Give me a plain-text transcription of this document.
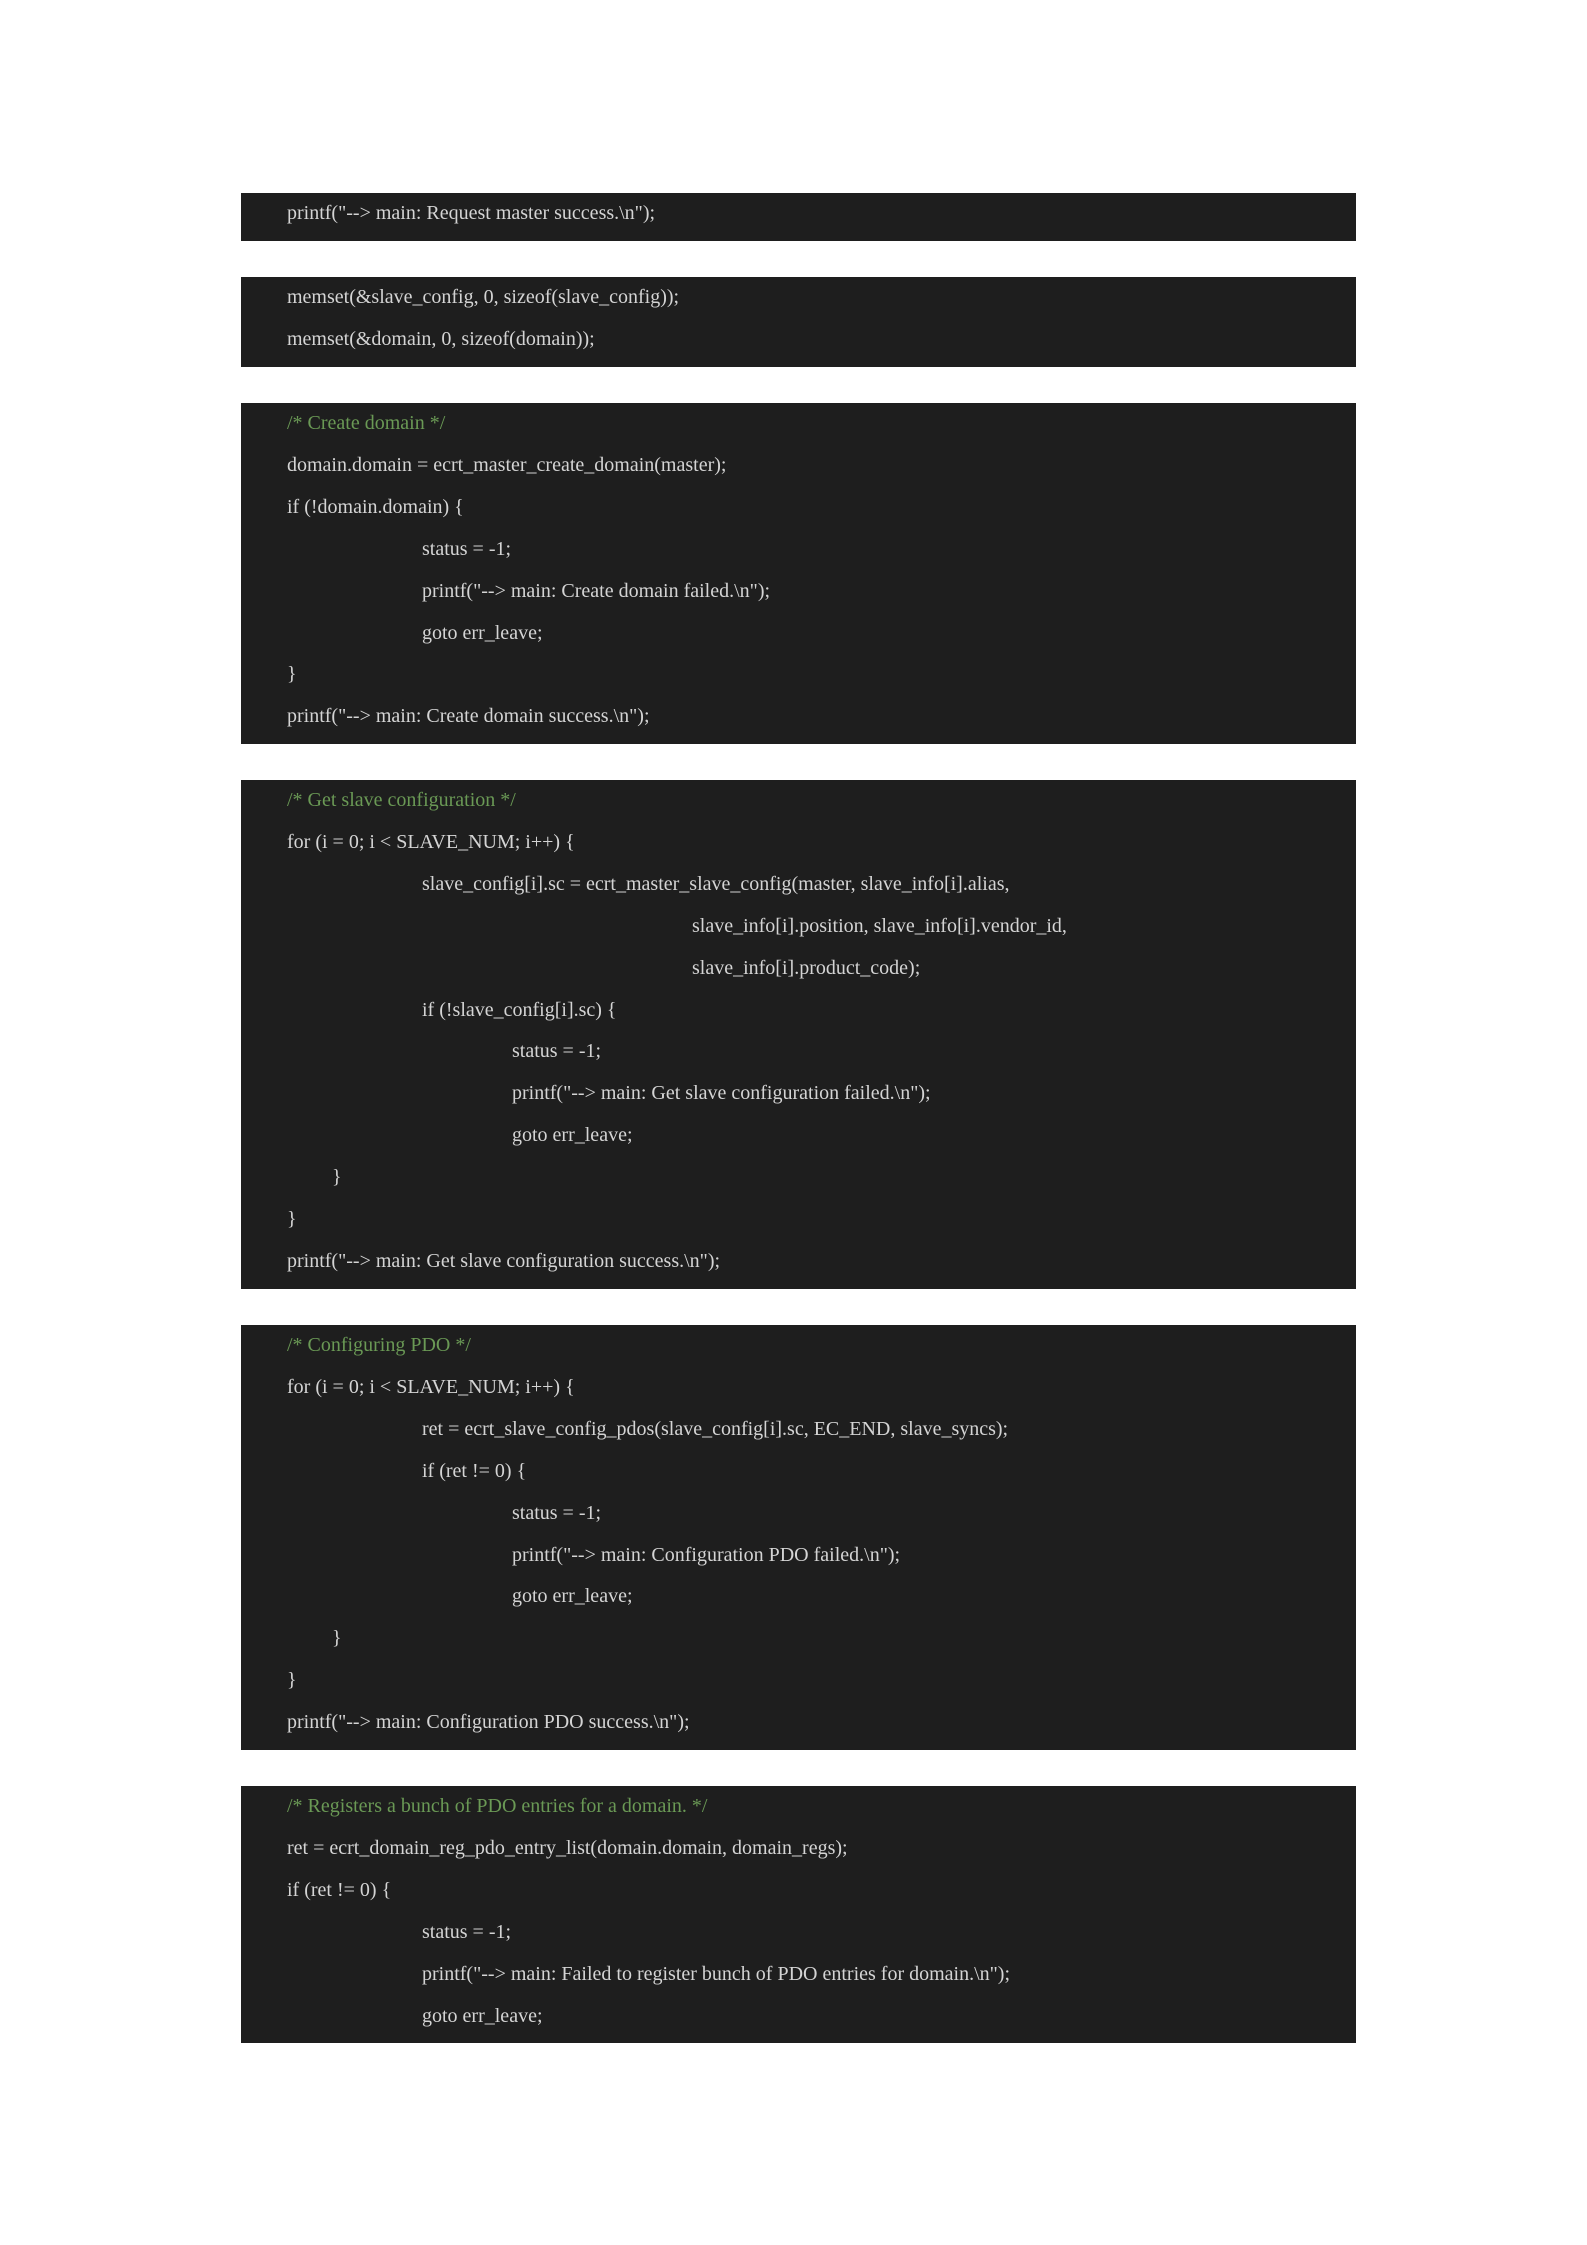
printf("--> main: Request master success.\n");
memset(&slave_config, 0, sizeof(slave_config));
memset(&domain, 0, sizeof(domain));
/* Create domain */
domain.domain = ecrt_master_create_domain(master);
if (!domain.domain) {
status = -1;
printf("--> main: Create domain failed.\n");
goto err_leave;
}
printf("--> main: Create domain success.\n");
/* Get slave configuration */
for (i = 0; i < SLAVE_NUM; i++) {
slave_config[i].sc = ecrt_master_slave_config(master, slave_info[i].alias,
slave_info[i].position, slave_info[i].vendor_id,
slave_info[i].product_code);
if (!slave_config[i].sc) {
status = -1;
printf("--> main: Get slave configuration failed.\n");
goto err_leave;
}
}
printf("--> main: Get slave configuration success.\n");
/* Configuring PDO */
for (i = 0; i < SLAVE_NUM; i++) {
ret = ecrt_slave_config_pdos(slave_config[i].sc, EC_END, slave_syncs);
if (ret != 0) {
status = -1;
printf("--> main: Configuration PDO failed.\n");
goto err_leave;
}
}
printf("--> main: Configuration PDO success.\n");
/* Registers a bunch of PDO entries for a domain. */
ret = ecrt_domain_reg_pdo_entry_list(domain.domain, domain_regs);
if (ret != 0) {
status = -1;
printf("--> main: Failed to register bunch of PDO entries for domain.\n");
goto err_leave;
